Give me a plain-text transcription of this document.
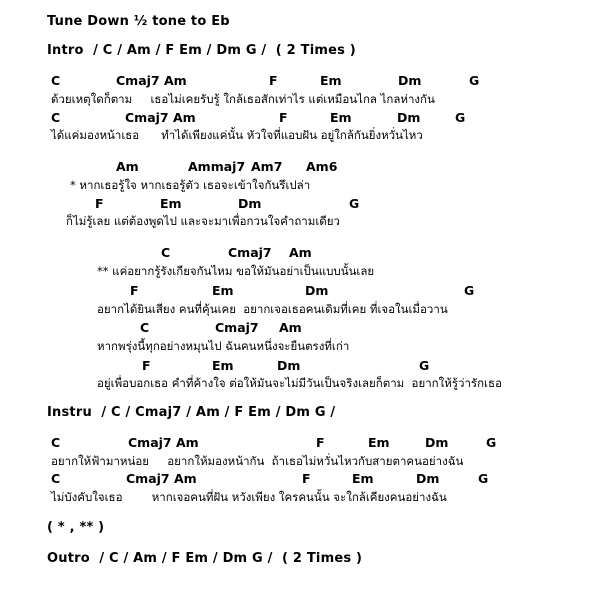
Tune Down ½ tone to Eb
Intro  / C / Am / F Em / Dm G /  ( 2 Times )
C	Cmaj7 Am	F	Em	Dm	G
ด้วยเหตุใดก็ตาม     เธอไม่เคยรับรู้ ใกล้เธอสักเท่าไร แต่เหมือนไกล ไกลห่างกัน
C	Cmaj7 Am	F	Em	Dm	G
ได้แค่มองหน้าเธอ      ทำได้เพียงแค่นั้น หัวใจที่แอบฝัน อยู่ใกล้กันยิ่งหวั่นไหว
Am	Ammaj7 Am7 Am6
* หากเธอรู้ใจ หากเธอรู้ตัว เธอจะเข้าใจกันรึเปล่า
F	Em	Dm	G
ก็ไม่รู้เลย แต่ต้องพูดไป และจะมาเพื่อกวนใจคำถามเดียว
C	Cmaj7 Am
** แค่อยากรู้รังเกียจกันไหม ขอให้มันอย่าเป็นแบบนั้นเลย
F	Em	Dm	G
อยากได้ยินเสียง คนที่คุ้นเคย  อยากเจอเธอคนเดิมที่เคย ที่เจอในเมื่อวาน
C	Cmaj7 Am
หากพรุ่งนี้ทุกอย่างหมุนไป ฉันคนหนึ่งจะยืนตรงที่เก่า
F	Em	Dm	G
อยู่เพื่อบอกเธอ คำที่ค้างใจ ต่อให้มันจะไม่มีวันเป็นจริงเลยก็ตาม  อยากให้รู้ว่ารักเธอ
Instru  / C / Cmaj7 / Am / F Em / Dm G /
C	Cmaj7 Am	F	Em	Dm	G
อยากให้ฟ้ามาหน่อย     อยากให้มองหน้ากัน  ถ้าเธอไม่หวั่นไหวกับสายตาคนอย่างฉัน
C	Cmaj7 Am	F	Em	Dm	G
ไม่บังคับใจเธอ        หากเจอคนที่ฝัน หวังเพียง ใครคนนั้น จะใกล้เคียงคนอย่างฉัน
( * , ** )
Outro  / C / Am / F Em / Dm G /  ( 2 Times )
